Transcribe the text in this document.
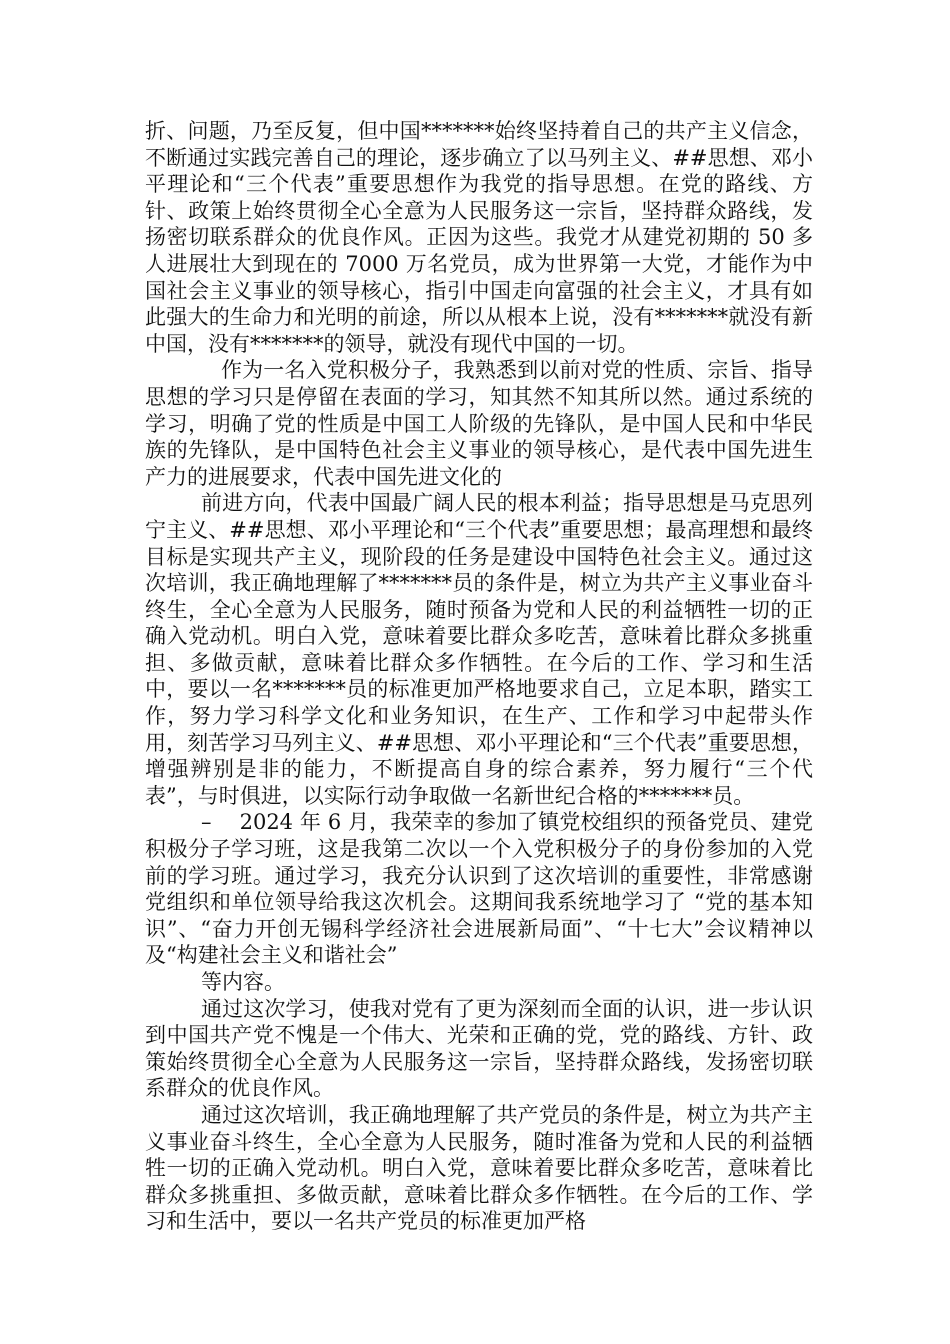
折、问题，乃至反复，但中国*******始终坚持着自己的共产主义信念，不断通过实践完善自己的理论，逐步确立了以马列主义、##思想、邓小平理论和“三个代表”重要思想作为我党的指导思想。在党的路线、方针、政策上始终贯彻全心全意为人民服务这一宗旨，坚持群众路线，发扬密切联系群众的优良作风。正因为这些。我党才从建党初期的 50 多人进展壮大到现在的 7000 万名党员，成为世界第一大党，才能作为中国社会主义事业的领导核心，指引中国走向富强的社会主义，才具有如此强大的生命力和光明的前途，所以从根本上说，没有*******就没有新中国，没有*******的领导，就没有现代中国的一切。

作为一名入党积极分子，我熟悉到以前对党的性质、宗旨、指导思想的学习只是停留在表面的学习，知其然不知其所以然。通过系统的学习，明确了党的性质是中国工人阶级的先锋队，是中国人民和中华民族的先锋队，是中国特色社会主义事业的领导核心，是代表中国先进生产力的进展要求，代表中国先进文化的

前进方向，代表中国最广阔人民的根本利益；指导思想是马克思列宁主义、##思想、邓小平理论和“三个代表”重要思想；最高理想和最终目标是实现共产主义，现阶段的任务是建设中国特色社会主义。通过这次培训，我正确地理解了*******员的条件是，树立为共产主义事业奋斗终生，全心全意为人民服务，随时预备为党和人民的利益牺牲一切的正确入党动机。明白入党，意味着要比群众多吃苦，意味着比群众多挑重担、多做贡献，意味着比群众多作牺牲。在今后的工作、学习和生活中，要以一名*******员的标准更加严格地要求自己，立足本职，踏实工作，努力学习科学文化和业务知识，在生产、工作和学习中起带头作用，刻苦学习马列主义、##思想、邓小平理论和“三个代表”重要思想，增强辨别是非的能力，不断提高自身的综合素养，努力履行“三个代表”，与时俱进，以实际行动争取做一名新世纪合格的*******员。

–　 2024 年 6 月，我荣幸的参加了镇党校组织的预备党员、建党积极分子学习班，这是我第二次以一个入党积极分子的身份参加的入党前的学习班。通过学习，我充分认识到了这次培训的重要性，非常感谢党组织和单位领导给我这次机会。这期间我系统地学习了 “党的基本知识”、“奋力开创无锡科学经济社会进展新局面”、“十七大”会议精神以及“构建社会主义和谐社会”

等内容。

通过这次学习，使我对党有了更为深刻而全面的认识，进一步认识到中国共产党不愧是一个伟大、光荣和正确的党，党的路线、方针、政策始终贯彻全心全意为人民服务这一宗旨，坚持群众路线，发扬密切联系群众的优良作风。

通过这次培训，我正确地理解了共产党员的条件是，树立为共产主义事业奋斗终生，全心全意为人民服务，随时准备为党和人民的利益牺牲一切的正确入党动机。明白入党，意味着要比群众多吃苦，意味着比群众多挑重担、多做贡献，意味着比群众多作牺牲。在今后的工作、学习和生活中，要以一名共产党员的标准更加严格
